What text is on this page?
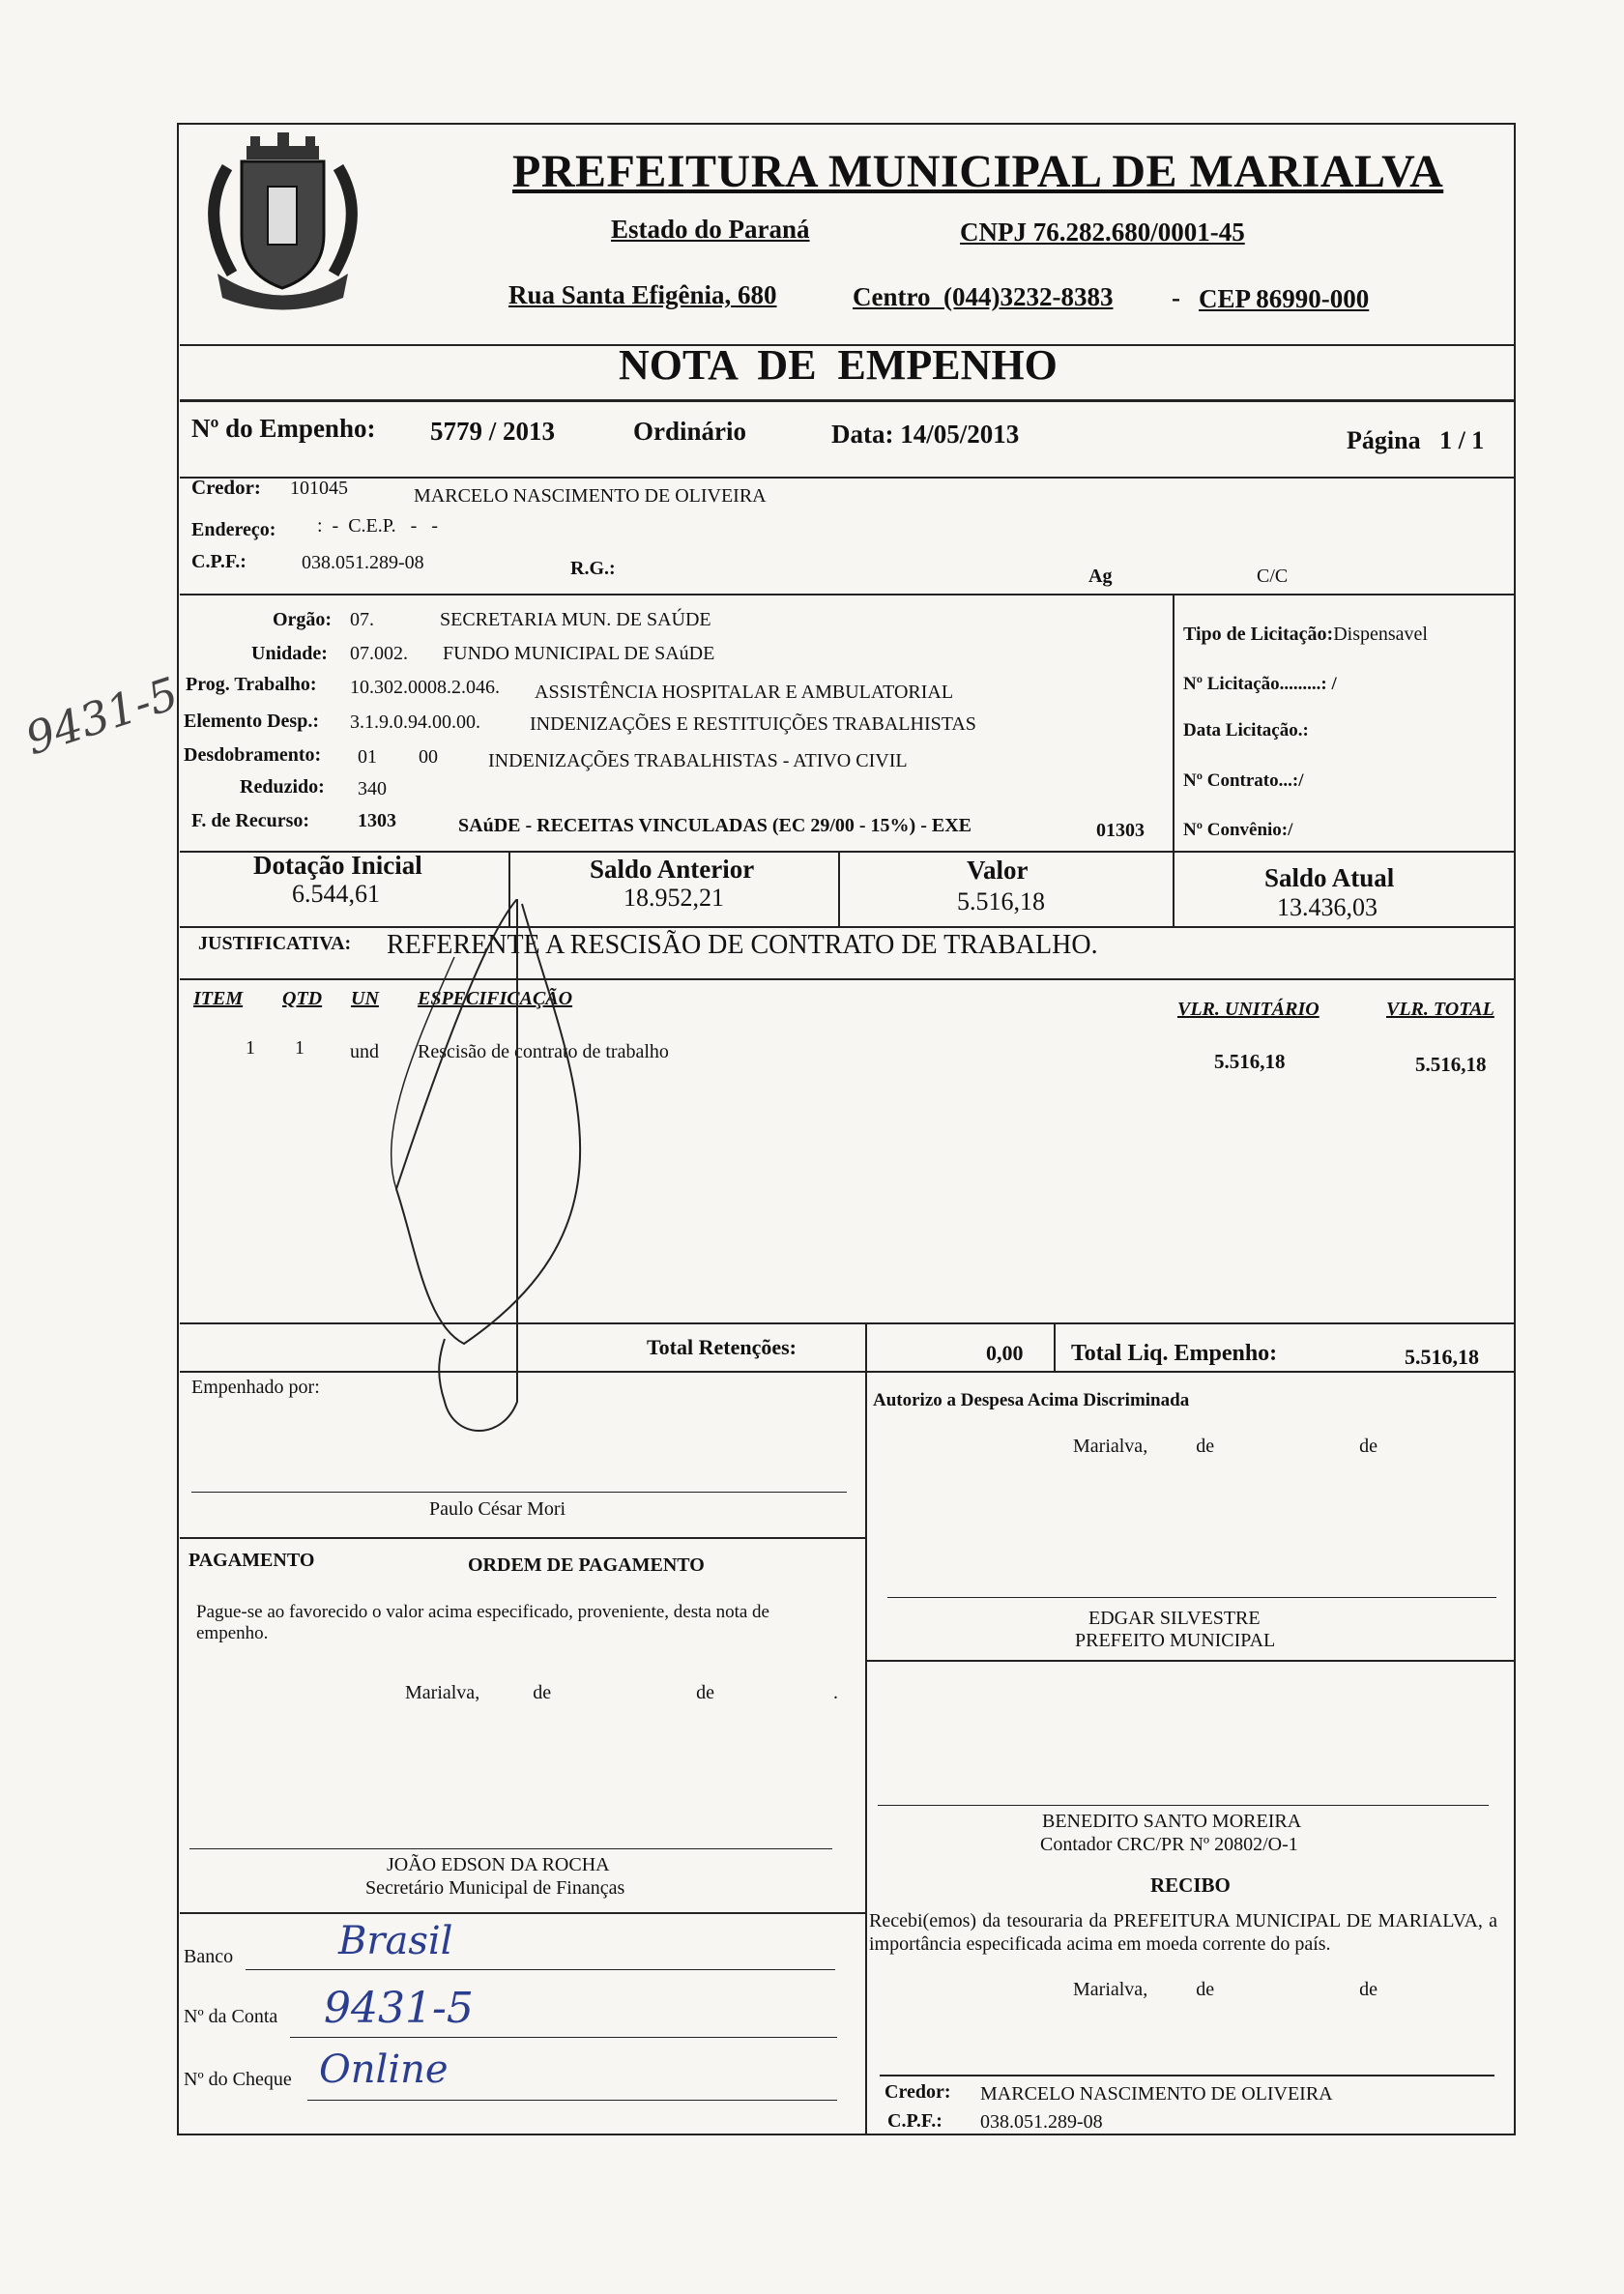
PREFEITURA MUNICIPAL DE MARIALVA
Estado do Paraná	CNPJ 76.282.680/0001-45
Rua Santa Efigênia, 680	Centro  (044)3232-8383 - CEP 86990-000
NOTA  DE  EMPENHO
Nº do Empenho: 5779 / 2013	Ordinário	Data: 14/05/2013	Página   1 / 1
Credor: 101045	MARCELO NASCIMENTO DE OLIVEIRA
Endereço: :  -  C.E.P.   -   -
C.P.F.:	038.051.289-08	R.G.:	Ag	C/C
Orgão: 07.	SECRETARIA MUN. DE SAÚDE
Unidade: 07.002. FUNDO MUNICIPAL DE SAúDE
Prog. Trabalho: 10.302.0008.2.046. ASSISTÊNCIA HOSPITALAR E AMBULATORIAL
Elemento Desp.: 3.1.9.0.94.00.00.	INDENIZAÇÕES E RESTITUIÇÕES TRABALHISTAS
Desdobramento: 01 00	INDENIZAÇÕES TRABALHISTAS - ATIVO CIVIL
Reduzido: 340
F. de Recurso: 1303	SAúDE - RECEITAS VINCULADAS (EC 29/00 - 15%) - EXE	01303
Tipo de Licitação:Dispensavel
Nº Licitação.........: /
Data Licitação.:
Nº Contrato...:/
Nº Convênio:/
Dotação Inicial
6.544,61
Saldo Anterior
18.952,21
Valor
5.516,18
Saldo Atual
13.436,03
JUSTIFICATIVA: REFERENTE A RESCISÃO DE CONTRATO DE TRABALHO.
ITEM QTD UN ESPECIFICAÇÃO	VLR. UNITÁRIO	VLR. TOTAL
1 1 und Rescisão de contrato de trabalho	5.516,18	5.516,18
Total Retenções:	0,00 Total Liq. Empenho:	5.516,18
Empenhado por:
Paulo César Mori
Autorizo a Despesa Acima Discriminada
Marialva,          de                              de
EDGAR SILVESTRE
PREFEITO MUNICIPAL
PAGAMENTO	ORDEM DE PAGAMENTO
Pague-se ao favorecido o valor acima especificado, proveniente, desta nota de empenho.
Marialva,           de                              de	.
JOÃO EDSON DA ROCHA
Secretário Municipal de Finanças
BENEDITO SANTO MOREIRA
Contador CRC/PR Nº 20802/O-1
RECIBO
Recebi(emos) da tesouraria da PREFEITURA MUNICIPAL DE MARIALVA, a importância especificada acima em moeda corrente do país.
Marialva,          de                              de
Credor: MARCELO NASCIMENTO DE OLIVEIRA
C.P.F.: 038.051.289-08
Banco	Brasil
Nº da Conta 9431-5
Nº do Cheque Online
9431-5
